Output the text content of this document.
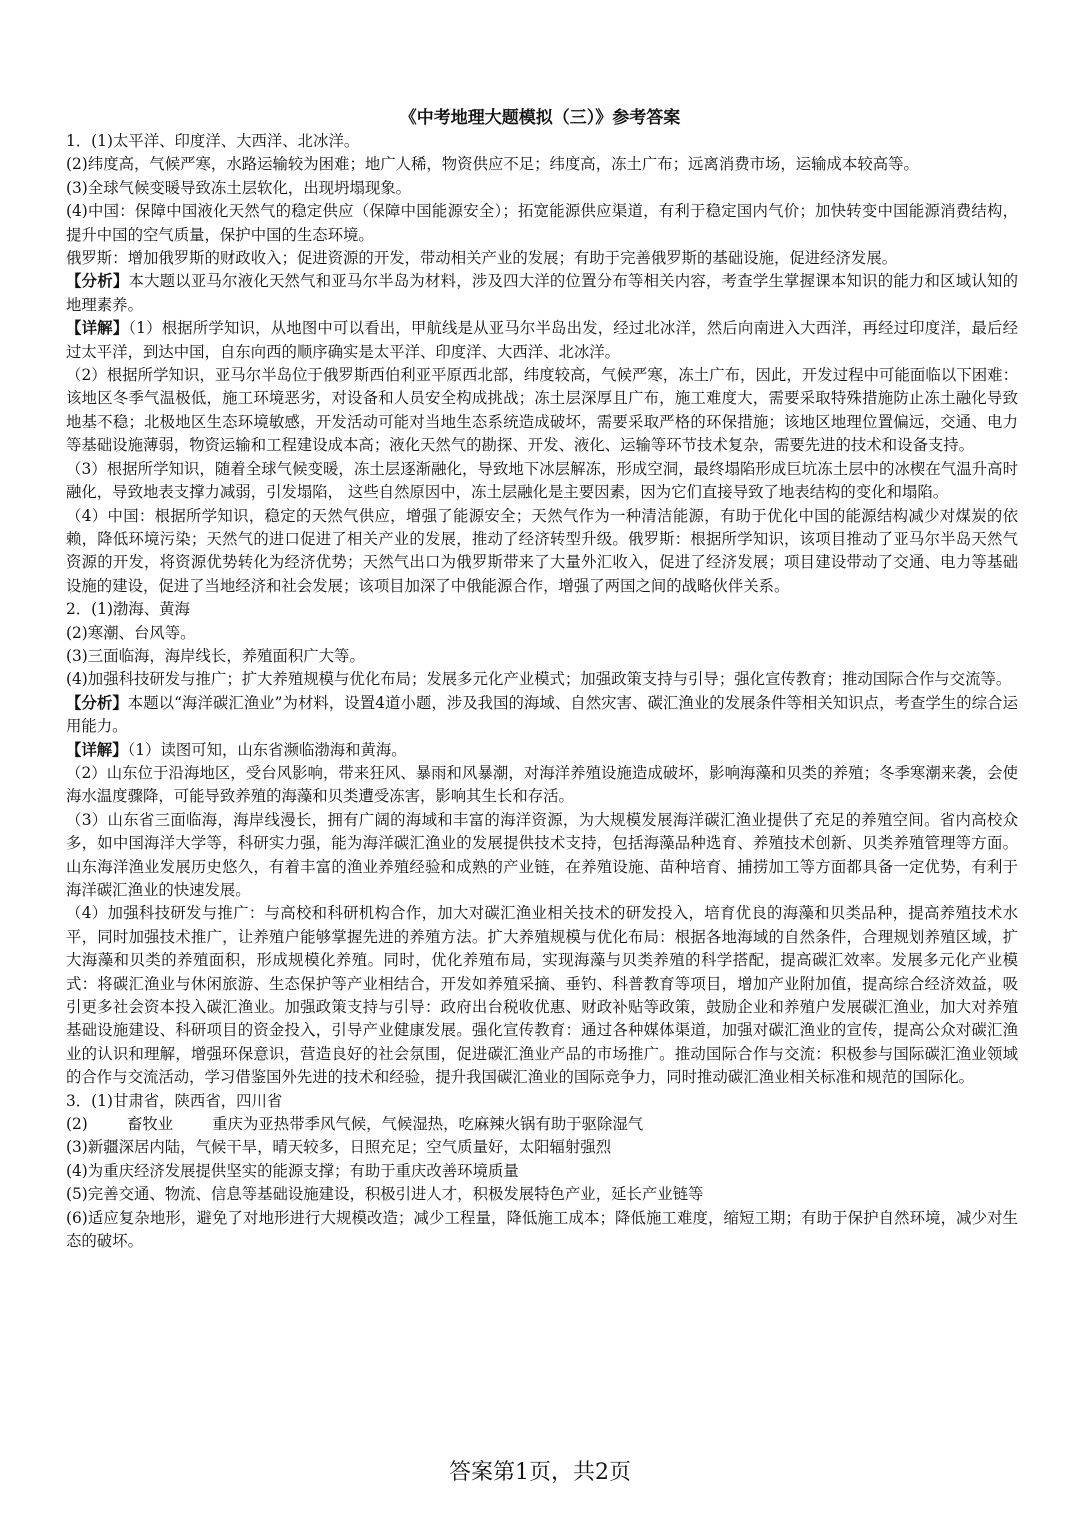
《中考地理大题模拟（三）》参考答案

1．(1)太平洋、印度洋、大西洋、北冰洋。

(2)纬度高，气候严寒，水路运输较为困难；地广人稀，物资供应不足；纬度高，冻土广布；远离消费市场，运输成本较高等。

(3)全球气候变暖导致冻土层软化，出现坍塌现象。

(4)中国：保障中国液化天然气的稳定供应（保障中国能源安全）；拓宽能源供应渠道，有利于稳定国内气价；加快转变中国能源消费结构，提升中国的空气质量，保护中国的生态环境。

俄罗斯：增加俄罗斯的财政收入；促进资源的开发，带动相关产业的发展；有助于完善俄罗斯的基础设施，促进经济发展。

【分析】本大题以亚马尔液化天然气和亚马尔半岛为材料，涉及四大洋的位置分布等相关内容，考查学生掌握课本知识的能力和区域认知的地理素养。

【详解】（1）根据所学知识，从地图中可以看出，甲航线是从亚马尔半岛出发，经过北冰洋，然后向南进入大西洋，再经过印度洋，最后经过太平洋，到达中国，自东向西的顺序确实是太平洋、印度洋、大西洋、北冰洋。

（2）根据所学知识，亚马尔半岛位于俄罗斯西伯利亚平原西北部，纬度较高，气候严寒，冻土广布，因此，开发过程中可能面临以下困难：该地区冬季气温极低，施工环境恶劣，对设备和人员安全构成挑战；冻土层深厚且广布，施工难度大，需要采取特殊措施防止冻土融化导致地基不稳；北极地区生态环境敏感，开发活动可能对当地生态系统造成破坏，需要采取严格的环保措施；该地区地理位置偏远，交通、电力等基础设施薄弱，物资运输和工程建设成本高；液化天然气的勘探、开发、液化、运输等环节技术复杂，需要先进的技术和设备支持。

（3）根据所学知识，随着全球气候变暖，冻土层逐渐融化，导致地下冰层解冻，形成空洞，最终塌陷形成巨坑冻土层中的冰楔在气温升高时融化，导致地表支撑力减弱，引发塌陷， 这些自然原因中，冻土层融化是主要因素，因为它们直接导致了地表结构的变化和塌陷。

（4）中国：根据所学知识，稳定的天然气供应，增强了能源安全；天然气作为一种清洁能源，有助于优化中国的能源结构减少对煤炭的依赖，降低环境污染；天然气的进口促进了相关产业的发展，推动了经济转型升级。俄罗斯：根据所学知识，该项目推动了亚马尔半岛天然气资源的开发，将资源优势转化为经济优势；天然气出口为俄罗斯带来了大量外汇收入，促进了经济发展；项目建设带动了交通、电力等基础设施的建设，促进了当地经济和社会发展；该项目加深了中俄能源合作，增强了两国之间的战略伙伴关系。

2．(1)渤海、黄海

(2)寒潮、台风等。

(3)三面临海，海岸线长，养殖面积广大等。

(4)加强科技研发与推广；扩大养殖规模与优化布局；发展多元化产业模式；加强政策支持与引导；强化宣传教育；推动国际合作与交流等。

【分析】本题以“海洋碳汇渔业”为材料，设置4道小题，涉及我国的海域、自然灾害、碳汇渔业的发展条件等相关知识点，考查学生的综合运用能力。

【详解】（1）读图可知，山东省濒临渤海和黄海。

（2）山东位于沿海地区，受台风影响，带来狂风、暴雨和风暴潮，对海洋养殖设施造成破坏，影响海藻和贝类的养殖；冬季寒潮来袭，会使海水温度骤降，可能导致养殖的海藻和贝类遭受冻害，影响其生长和存活。

（3）山东省三面临海，海岸线漫长，拥有广阔的海域和丰富的海洋资源，为大规模发展海洋碳汇渔业提供了充足的养殖空间。省内高校众多，如中国海洋大学等，科研实力强，能为海洋碳汇渔业的发展提供技术支持，包括海藻品种选育、养殖技术创新、贝类养殖管理等方面。山东海洋渔业发展历史悠久，有着丰富的渔业养殖经验和成熟的产业链，在养殖设施、苗种培育、捕捞加工等方面都具备一定优势，有利于海洋碳汇渔业的快速发展。

（4）加强科技研发与推广：与高校和科研机构合作，加大对碳汇渔业相关技术的研发投入，培育优良的海藻和贝类品种，提高养殖技术水平，同时加强技术推广，让养殖户能够掌握先进的养殖方法。扩大养殖规模与优化布局：根据各地海域的自然条件，合理规划养殖区域，扩大海藻和贝类的养殖面积，形成规模化养殖。同时，优化养殖布局，实现海藻与贝类养殖的科学搭配，提高碳汇效率。发展多元化产业模式：将碳汇渔业与休闲旅游、生态保护等产业相结合，开发如养殖采摘、垂钓、科普教育等项目，增加产业附加值，提高综合经济效益，吸引更多社会资本投入碳汇渔业。加强政策支持与引导：政府出台税收优惠、财政补贴等政策，鼓励企业和养殖户发展碳汇渔业，加大对养殖基础设施建设、科研项目的资金投入，引导产业健康发展。强化宣传教育：通过各种媒体渠道，加强对碳汇渔业的宣传，提高公众对碳汇渔业的认识和理解，增强环保意识，营造良好的社会氛围，促进碳汇渔业产品的市场推广。推动国际合作与交流：积极参与国际碳汇渔业领域的合作与交流活动，学习借鉴国外先进的技术和经验，提升我国碳汇渔业的国际竞争力，同时推动碳汇渔业相关标准和规范的国际化。

3．(1)甘肃省，陕西省，四川省

(2)        畜牧业        重庆为亚热带季风气候，气候湿热，吃麻辣火锅有助于驱除湿气

(3)新疆深居内陆，气候干旱，晴天较多，日照充足；空气质量好，太阳辐射强烈

(4)为重庆经济发展提供坚实的能源支撑；有助于重庆改善环境质量

(5)完善交通、物流、信息等基础设施建设，积极引进人才，积极发展特色产业，延长产业链等

(6)适应复杂地形，避免了对地形进行大规模改造；减少工程量，降低施工成本；降低施工难度，缩短工期；有助于保护自然环境，减少对生态的破坏。

答案第1页，共2页
